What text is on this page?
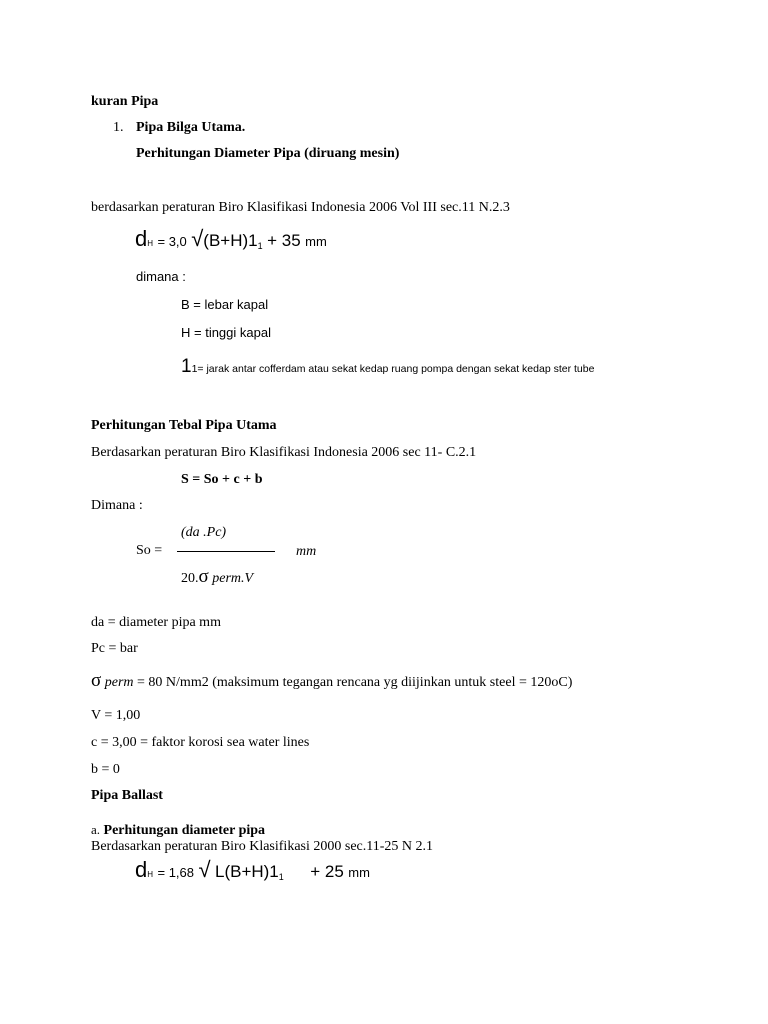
kuran Pipa
1. Pipa Bilga Utama.
Perhitungan Diameter Pipa (diruang mesin)
berdasarkan peraturan Biro Klasifikasi Indonesia 2006 Vol III sec.11 N.2.3
dH = 3,0 $√(B+H)1_1 + 35$ mm
dimana :
B = lebar kapal
H = tinggi kapal
11= jarak antar cofferdam atau sekat kedap ruang pompa dengan sekat kedap ster tube
Perhitungan Tebal Pipa Utama
Berdasarkan peraturan Biro Klasifikasi Indonesia 2006 sec 11- C.2.1
S = So + c + b
Dimana :
(da .Pc)
So =	mm
20.σ perm.V
da = diameter pipa mm
Pc = bar
σ perm = 80 N/mm2 (maksimum tegangan rencana yg diijinkan untuk steel = 120oC)
V = 1,00
c = 3,00 = faktor korosi sea water lines
b = 0
Pipa Ballast
a. Perhitungan diameter pipa
Berdasarkan peraturan Biro Klasifikasi 2000 sec.11-25 N 2.1
dH = 1,68 √ $L(B+H)1_1 + 25$ mm
